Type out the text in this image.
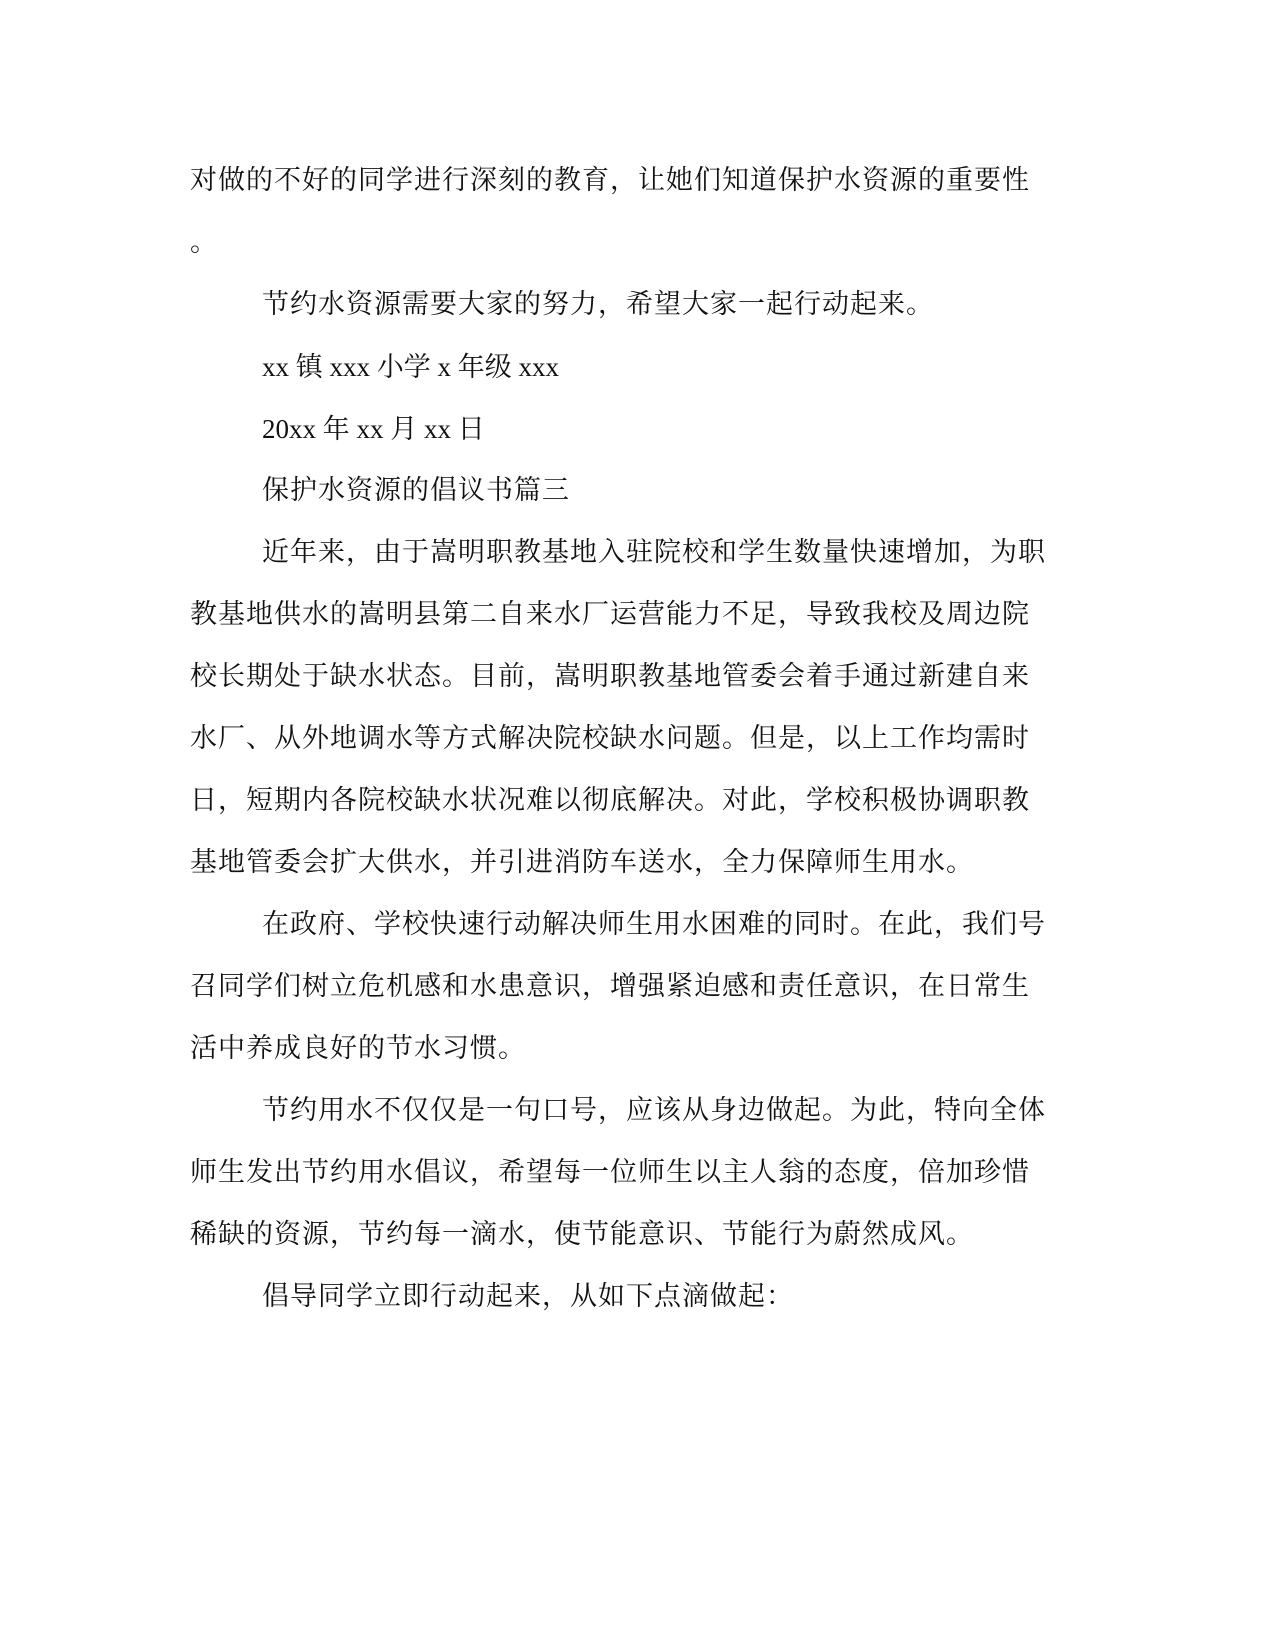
对做的不好的同学进行深刻的教育，让她们知道保护水资源的重要性
。
节约水资源需要大家的努力，希望大家一起行动起来。
xx 镇 xxx 小学 x 年级 xxx
20xx 年 xx 月 xx 日
保护水资源的倡议书篇三
近年来，由于嵩明职教基地入驻院校和学生数量快速增加，为职
教基地供水的嵩明县第二自来水厂运营能力不足，导致我校及周边院
校长期处于缺水状态。目前，嵩明职教基地管委会着手通过新建自来
水厂、从外地调水等方式解决院校缺水问题。但是，以上工作均需时
日，短期内各院校缺水状况难以彻底解决。对此，学校积极协调职教
基地管委会扩大供水，并引进消防车送水，全力保障师生用水。
在政府、学校快速行动解决师生用水困难的同时。在此，我们号
召同学们树立危机感和水患意识，增强紧迫感和责任意识，在日常生
活中养成良好的节水习惯。
节约用水不仅仅是一句口号，应该从身边做起。为此，特向全体
师生发出节约用水倡议，希望每一位师生以主人翁的态度，倍加珍惜
稀缺的资源，节约每一滴水，使节能意识、节能行为蔚然成风。
倡导同学立即行动起来，从如下点滴做起：
